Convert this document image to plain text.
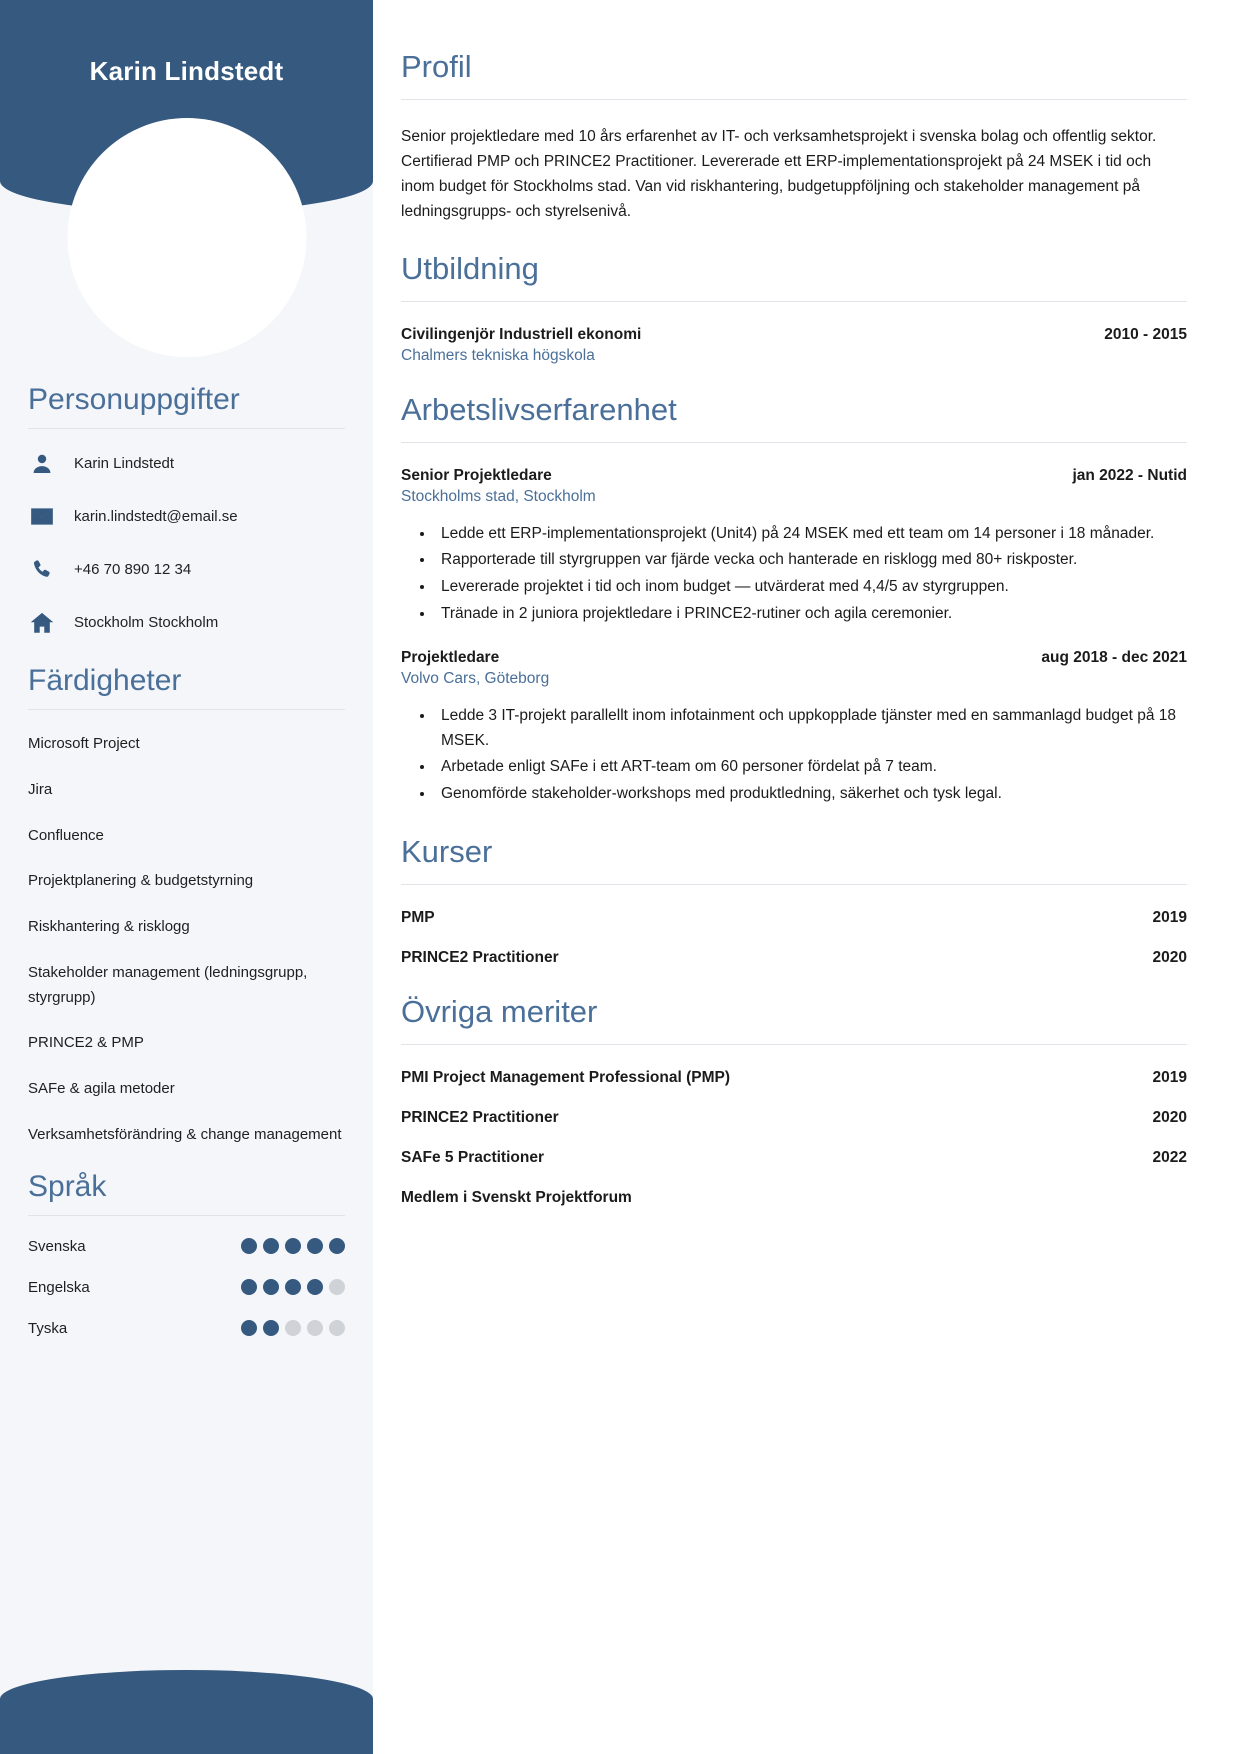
Karin Lindstedt
Personuppgifter
Karin Lindstedt
karin.lindstedt@email.se
+46 70 890 12 34
Stockholm Stockholm
Färdigheter
Microsoft Project
Jira
Confluence
Projektplanering & budgetstyrning
Riskhantering & risklogg
Stakeholder management (ledningsgrupp, styrgrupp)
PRINCE2 & PMP
SAFe & agila metoder
Verksamhetsförändring & change management
Språk
Svenska
Engelska
Tyska
Profil

Senior projektledare med 10 års erfarenhet av IT- och verksamhetsprojekt i svenska bolag och offentlig sektor. Certifierad PMP och PRINCE2 Practitioner. Levererade ett ERP-implementationsprojekt på 24 MSEK i tid och inom budget för Stockholms stad. Van vid riskhantering, budgetuppföljning och stakeholder management på ledningsgrupps- och styrelsenivå.

Utbildning
Civilingenjör Industriell ekonomi	2010 - 2015
Chalmers tekniska högskola
Arbetslivserfarenhet
Senior Projektledare	jan 2022 - Nutid
Stockholms stad, Stockholm
• Ledde ett ERP-implementationsprojekt (Unit4) på 24 MSEK med ett team om 14 personer i 18 månader.
• Rapporterade till styrgruppen var fjärde vecka och hanterade en risklogg med 80+ riskposter.
• Levererade projektet i tid och inom budget — utvärderat med 4,4/5 av styrgruppen.
• Tränade in 2 juniora projektledare i PRINCE2-rutiner och agila ceremonier.
Projektledare	aug 2018 - dec 2021
Volvo Cars, Göteborg
• Ledde 3 IT-projekt parallellt inom infotainment och uppkopplade tjänster med en sammanlagd budget på 18 MSEK.
• Arbetade enligt SAFe i ett ART-team om 60 personer fördelat på 7 team.
• Genomförde stakeholder-workshops med produktledning, säkerhet och tysk legal.
Kurser
PMP	2019
PRINCE2 Practitioner	2020
Övriga meriter
PMI Project Management Professional (PMP)	2019
PRINCE2 Practitioner	2020
SAFe 5 Practitioner	2022
Medlem i Svenskt Projektforum
